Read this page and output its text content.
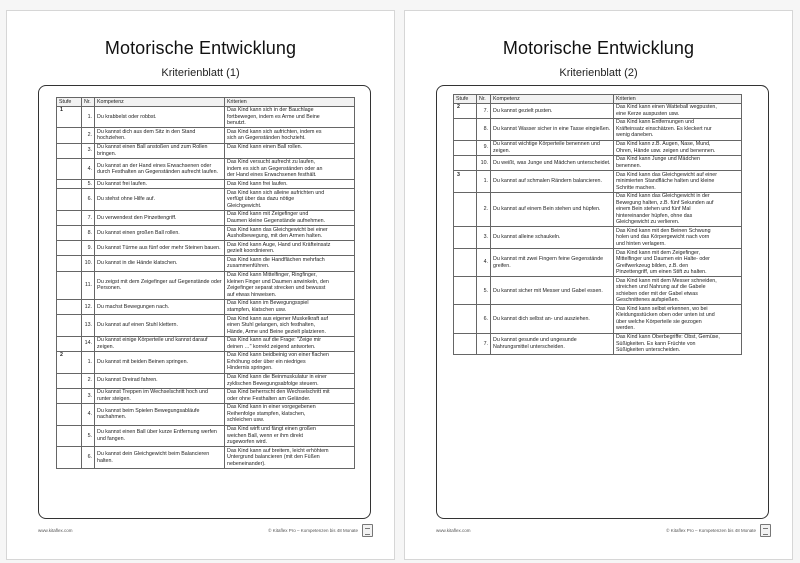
Motorische Entwicklung
Kriterienblatt (1)
Stufe	Nr.	Kompetenz	Kriterien
1	1.	Du krabbelst oder robbst.	Das Kind kann sich in der Bauchlage
fortbewegen, indem es Arme und Beine
benutzt.

	2.	Du kannst dich aus dem Sitz in den Stand hochziehen.	Das Kind kann sich aufrichten, indem es
sich an Gegenständen hochzieht.

	3.	Du kannst einen Ball anstoßen und zum Rollen bringen.	Das Kind kann einen Ball rollen.

	4.	Du kannst an der Hand eines Erwachsenen oder durch Festhalten an Gegenständen aufrecht laufen.	Das Kind versucht aufrecht zu laufen,
indem es sich an Gegenständen oder an
der Hand eines Erwachsenen festhält.

	5.	Du kannst frei laufen.	Das Kind kann frei laufen.

	6.	Du stehst ohne Hilfe auf.	Das Kind kann sich alleine aufrichten und
verfügt über das dazu nötige
Gleichgewicht.

	7.	Du verwendest den Pinzettengriff.	Das Kind kann mit Zeigefinger und
Daumen kleine Gegenstände aufnehmen.

	8.	Du kannst einen großen Ball rollen.	Das Kind kann das Gleichgewicht bei einer
Ausholbewegung, mit den Armen halten.

	9.	Du kannst Türme aus fünf oder mehr Steinen bauen.	Das Kind kann Auge, Hand und Kräfteinsatz
gezielt koordinieren.

	10.	Du kannst in die Hände klatschen.	Das Kind kann die Handflächen mehrfach
zusammenführen.

	11.	Du zeigst mit dem Zeigefinger auf Gegenstände oder Personen.	Das Kind kann Mittelfinger, Ringfinger,
kleinen Finger und Daumen anwinkeln, den
Zeigefinger separat strecken und bewusst
auf etwas hinweisen.

	12.	Du machst Bewegungen nach.	Das Kind kann im Bewegungsspiel
stampfen, klatschen usw.

	13.	Du kannst auf einen Stuhl klettern.	Das Kind kann aus eigener Muskelkraft auf
einen Stuhl gelangen, sich festhalten,
Hände, Arme und Beine gezielt platzieren.

	14.	Du kannst einige Körperteile und kannst darauf zeigen.	Das Kind kann auf die Frage: "Zeige mir
deinen …" korrekt zeigend antworten.

2	1.	Du kannst mit beiden Beinen springen.	Das Kind kann beidbeinig von einer flachen
Erhöhung oder über ein niedriges
Hindernis springen.

	2.	Du kannst Dreirad fahren.	Das Kind kann die Beinmuskulatur in einer
zyklischen Bewegungsabfolge steuern.

	3.	Du kannst Treppen im Wechselschritt hoch und runter steigen.	Das Kind beherrscht den Wechselschritt mit
oder ohne Festhalten am Geländer.

	4.	Du kannst beim Spielen Bewegungsabläufe nachahmen.	Das Kind kann in einer vorgegebenen
Reihenfolge stampfen, klatschen,
schleichen usw.

	5.	Du kannst einen Ball über kurze Entfernung werfen und fangen.	Das Kind wirft und fängt einen großen
weichen Ball, wenn er ihm direkt
zugeworfen wird.

	6.	Du kannst dein Gleichgewicht beim Balancieren halten.	Das Kind kann auf breitem, leicht erhöhtem
Untergrund balancieren (mit den Füßen
nebeneinander).
www.kitaflex.com	© Kitaflex Pro – Kompetenzen bis 48 Monate
Motorische Entwicklung
Kriterienblatt (2)
Stufe	Nr.	Kompetenz	Kriterien
2	7.	Du kannst gezielt pusten.	Das Kind kann einen Watteball wegpusten,
eine Kerze auspusten usw.

	8.	Du kannst Wasser sicher in eine Tasse eingießen.	Das Kind kann Entfernungen und
Kräfteinsatz einschätzen. Es kleckert nur
wenig daneben.

	9.	Du kannst wichtige Körperteile benennen und zeigen.	Das Kind kann z.B. Augen, Nase, Mund,
Ohren, Hände usw. zeigen und benennen.

	10.	Du weißt, was Junge und Mädchen unterscheidet.	Das Kind kann Junge und Mädchen
benennen.

3	1.	Du kannst auf schmalen Rändern balancieren.	Das Kind kann das Gleichgewicht auf einer
minimierten Standfläche halten und kleine
Schritte machen.

	2.	Du kannst auf einem Bein stehen und hüpfen.	Das Kind kann das Gleichgewicht in der
Bewegung halten, z.B. fünf Sekunden auf
einem Bein stehen und fünf Mal
hintereinander hüpfen, ohne das
Gleichgewicht zu verlieren.

	3.	Du kannst alleine schaukeln.	Das Kind kann mit den Beinen Schwung
holen und das Körpergewicht nach vorn
und hinten verlagern.

	4.	Du kannst mit zwei Fingern feine Gegenstände greifen.	Das Kind kann mit dem Zeigefinger,
Mittelfinger und Daumen ein Halte- oder
Greifwerkzeug bilden, z.B. den
Pinzettengriff, um einen Stift zu halten.

	5.	Du kannst sicher mit Messer und Gabel essen.	Das Kind kann mit dem Messer schneiden,
streichen und Nahrung auf die Gabele
schieben oder mit der Gabel etwas
Geschnittenes aufspießen.

	6.	Du kannst dich selbst an- und ausziehen.	Das Kind kann selbst erkennen, wo bei
Kleidungsstücken oben oder unten ist und
über welche Körperteile sie gezogen
werden.

	7.	Du kannst gesunde und ungesunde Nahrungsmittel unterscheiden.	Das Kind kann Oberbegriffe: Obst, Gemüse,
Süßigkeiten. Es kann Früchte von
Süßigkeiten unterscheiden.
www.kitaflex.com	© Kitaflex Pro – Kompetenzen bis 48 Monate
